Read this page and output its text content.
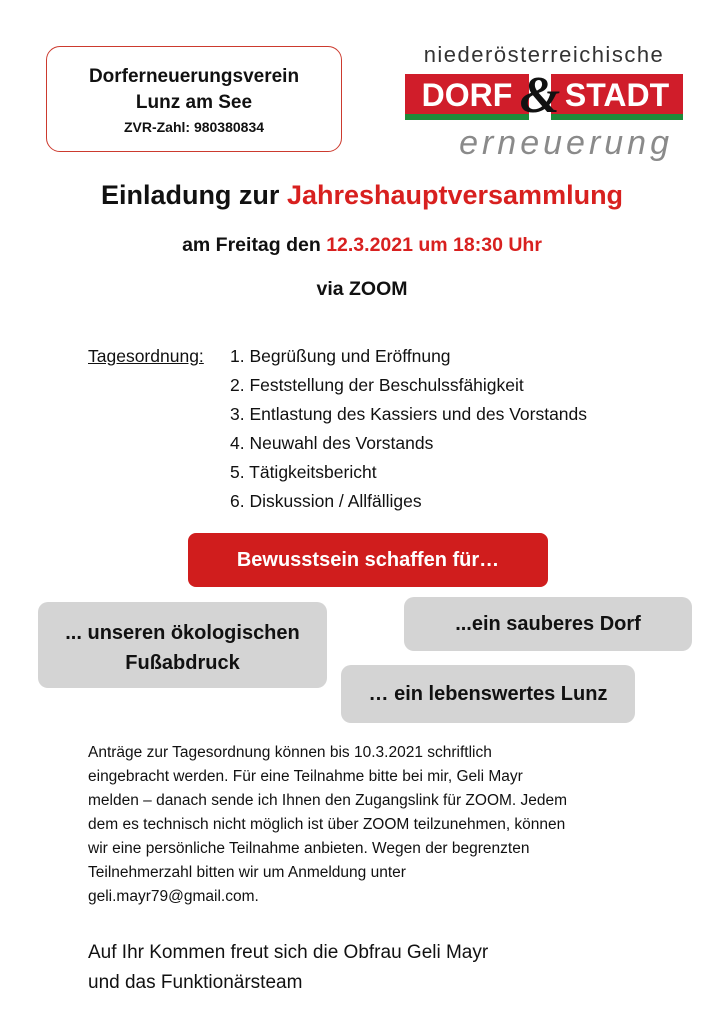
Dorferneuerungsverein
Lunz am See
ZVR-Zahl: 980380834
niederösterreichische
DORF STADT
&
erneuerung
Einladung zur Jahreshauptversammlung
am Freitag den 12.3.2021 um 18:30 Uhr
via ZOOM
Tagesordnung: 1. Begrüßung und Eröffnung
2. Feststellung der Beschulssfähigkeit
3. Entlastung des Kassiers und des Vorstands
4. Neuwahl des Vorstands
5. Tätigkeitsbericht
6. Diskussion / Allfälliges
Bewusstsein schaffen für…
... unseren ökologischen
Fußabdruck
...ein sauberes Dorf
… ein lebenswertes Lunz
Anträge zur Tagesordnung können bis 10.3.2021 schriftlich
eingebracht werden. Für eine Teilnahme bitte bei mir, Geli Mayr
melden – danach sende ich Ihnen den Zugangslink für ZOOM. Jedem
dem es technisch nicht möglich ist über ZOOM teilzunehmen, können
wir eine persönliche Teilnahme anbieten. Wegen der begrenzten
Teilnehmerzahl bitten wir um Anmeldung unter
geli.mayr79@gmail.com.
Auf Ihr Kommen freut sich die Obfrau Geli Mayr
und das Funktionärsteam
